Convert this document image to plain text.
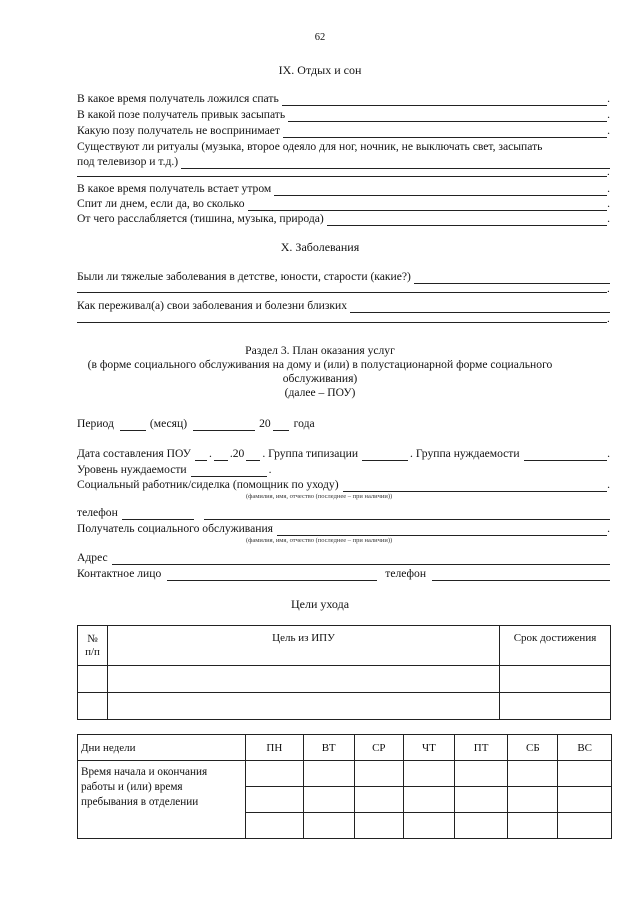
62
IX. Отдых и сон
В какое время получатель ложился спать	.
В какой позе получатель привык засыпать	.
Какую позу получатель не воспринимает	.
Существуют ли ритуалы (музыка, второе одеяло для ног, ночник, не выключать свет, засыпать
под телевизор и т.д.)
.
В какое время получатель встает утром	.
Спит ли днем, если да, во сколько	.
От чего расслабляется (тишина, музыка, природа)	.
X. Заболевания
Были ли тяжелые заболевания в детстве, юности, старости (какие?)
.
Как переживал(а) свои заболевания и болезни близких
.
Раздел 3. План оказания услуг
(в форме социального обслуживания на дому и (или) в полустационарной форме социального
обслуживания)
(далее – ПОУ)
Период	(месяц)	20 года
Дата составления ПОУ . .20 . Группа типизации	. Группа нуждаемости	.
Уровень нуждаемости	.
Социальный работник/сиделка (помощник по уходу)	.
(фамилия, имя, отчество (последнее – при наличии))
телефон
Получатель социального обслуживания	.
(фамилия, имя, отчество (последнее – при наличии))
Адрес
Контактное лицо	телефон
Цели ухода
№
п/п	Цель из ИПУ	Срок достижения

Дни недели	ПН	ВТ	СР	ЧТ	ПТ	СБ	ВС
Время начала и окончания работы и (или) время пребывания в отделении							
